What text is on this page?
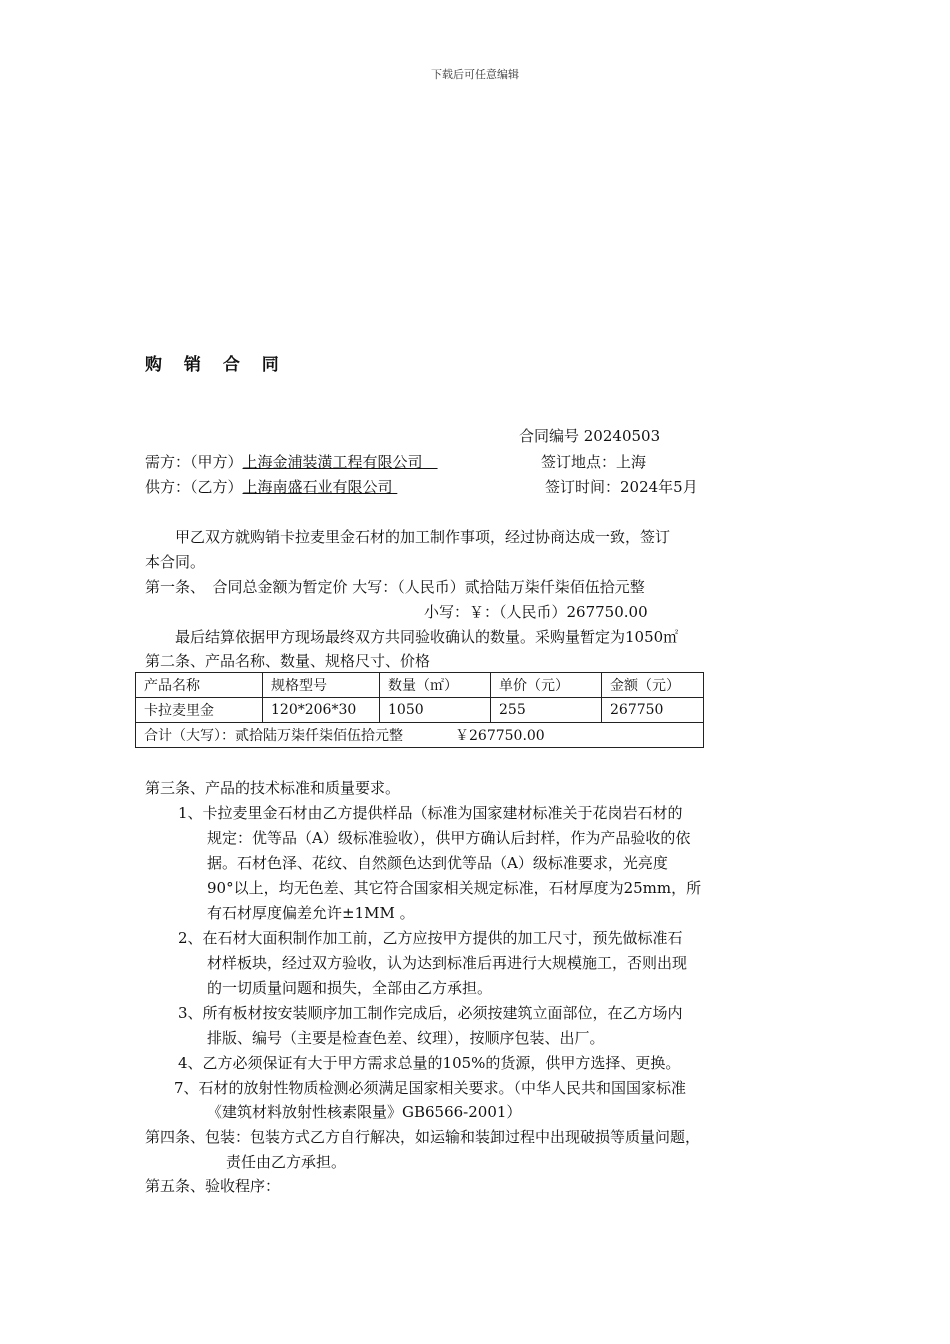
下载后可任意编辑
购 销 合 同
合同编号 20240503
需方：（甲方）上海金浦装潢工程有限公司　	签订地点：上海
供方：（乙方）上海南盛石业有限公司	签订时间：2024年5月
甲乙双方就购销卡拉麦里金石材的加工制作事项，经过协商达成一致，签订
本合同。
第一条、　合同总金额为暂定价 大写：（人民币）贰拾陆万柒仟柒佰伍拾元整
小写：￥：（人民币）267750.00
最后结算依据甲方现场最终双方共同验收确认的数量。采购量暂定为1050㎡
第二条、产品名称、数量、规格尺寸、价格
产品名称	规格型号	数量（㎡）	单价（元）	金额（元）
卡拉麦里金	120*206*30	1050	255	267750
合计（大写）：贰拾陆万柒仟柒佰伍拾元整 ￥267750.00				
第三条、产品的技术标准和质量要求。
1、卡拉麦里金石材由乙方提供样品（标准为国家建材标准关于花岗岩石材的
规定：优等品（A）级标准验收），供甲方确认后封样，作为产品验收的依
据。石材色泽、花纹、自然颜色达到优等品（A）级标准要求，光亮度
90°以上，均无色差、其它符合国家相关规定标准，石材厚度为25mm，所
有石材厚度偏差允许±1MM 。
2、在石材大面积制作加工前，乙方应按甲方提供的加工尺寸，预先做标准石
材样板块，经过双方验收，认为达到标准后再进行大规模施工，否则出现
的一切质量问题和损失，全部由乙方承担。
3、所有板材按安装顺序加工制作完成后，必须按建筑立面部位，在乙方场内
排版、编号（主要是检查色差、纹理），按顺序包装、出厂。
4、乙方必须保证有大于甲方需求总量的105%的货源，供甲方选择、更换。
7、石材的放射性物质检测必须满足国家相关要求。（中华人民共和国国家标准
《建筑材料放射性核素限量》GB6566-2001）
第四条、包装：包装方式乙方自行解决，如运输和装卸过程中出现破损等质量问题，
责任由乙方承担。
第五条、验收程序：
